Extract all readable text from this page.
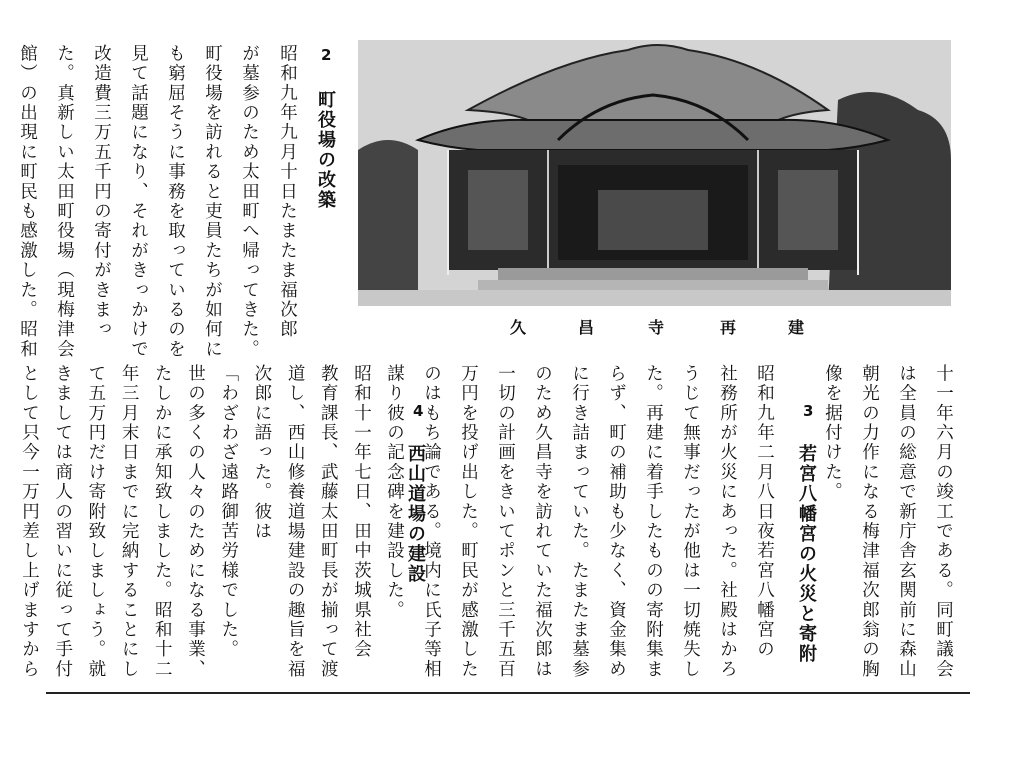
2
町役場の改築
昭和九年九月十日たまたま福次郎
が墓参のため太田町へ帰ってきた。
町役場を訪れると吏員たちが如何に
も窮屈そうに事務を取っているのを
見て話題になり、それがきっかけで
改造費三万五千円の寄付がきまっ
た。真新しい太田町役場（現梅津会
館）の出現に町民も感激した。昭和	久	昌	寺	再	建
十一年六月の竣工である。同町議会
は全員の総意で新庁舎玄関前に森山
朝光の力作になる梅津福次郎翁の胸
像を据付けた。
3
若宮八幡宮の火災と寄附
昭和九年二月八日夜若宮八幡宮の
社務所が火災にあった。社殿はかろ
うじて無事だったが他は一切焼失し
た。再建に着手したものの寄附集ま
らず、町の補助も少なく、資金集め
に行き詰まっていた。たまたま墓参
のため久昌寺を訪れていた福次郎は
一切の計画をきいてポンと三千五百
万円を投げ出した。町民が感激した
のはもち論である。境内に氏子等相
謀り彼の記念碑を建設した。 4
西山道場の建設
昭和十一年七日、田中茨城県社会
教育課長、武藤太田町長が揃って渡
道し、西山修養道場建設の趣旨を福
次郎に語った。彼は
「わざわざ遠路御苦労様でした。
世の多くの人々のためになる事業、
たしかに承知致しました。昭和十二
年三月末日までに完納することにし
て五万円だけ寄附致しましょう。就
きましては商人の習いに従って手付
として只今一万円差し上げますから
